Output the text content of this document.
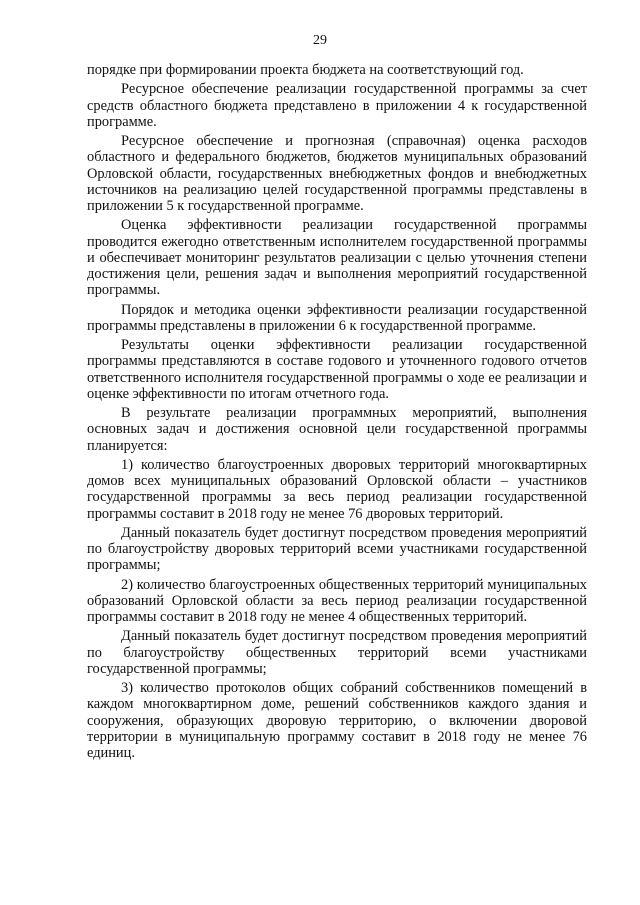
29

порядке при формировании проекта бюджета на соответствующий год.

Ресурсное обеспечение реализации государственной программы за счет средств областного бюджета представлено в приложении 4 к государственной программе.

Ресурсное обеспечение и прогнозная (справочная) оценка расходов областного и федерального бюджетов, бюджетов муниципальных образований Орловской области, государственных внебюджетных фондов и внебюджетных источников на реализацию целей государственной программы представлены в приложении 5 к государственной программе.

Оценка эффективности реализации государственной программы проводится ежегодно ответственным исполнителем государственной программы и обеспечивает мониторинг результатов реализации с целью уточнения степени достижения цели, решения задач и выполнения мероприятий государственной программы.

Порядок и методика оценки эффективности реализации государственной программы представлены в приложении 6 к государственной программе.

Результаты оценки эффективности реализации государственной программы представляются в составе годового и уточненного годового отчетов ответственного исполнителя государственной программы о ходе ее реализации и оценке эффективности по итогам отчетного года.

В результате реализации программных мероприятий, выполнения основных задач и достижения основной цели государственной программы планируется:

1) количество благоустроенных дворовых территорий многоквартирных домов всех муниципальных образований Орловской области – участников государственной программы за весь период реализации государственной программы составит в 2018 году не менее 76 дворовых территорий.

Данный показатель будет достигнут посредством проведения мероприятий по благоустройству дворовых территорий всеми участниками государственной программы;

2) количество благоустроенных общественных территорий муниципальных образований Орловской области за весь период реализации государственной программы составит в 2018 году не менее 4 общественных территорий.

Данный показатель будет достигнут посредством проведения мероприятий по благоустройству общественных территорий всеми участниками государственной программы;

3) количество протоколов общих собраний собственников помещений в каждом многоквартирном доме, решений собственников каждого здания и сооружения, образующих дворовую территорию, о включении дворовой территории в муниципальную программу составит в 2018 году не менее 76 единиц.
